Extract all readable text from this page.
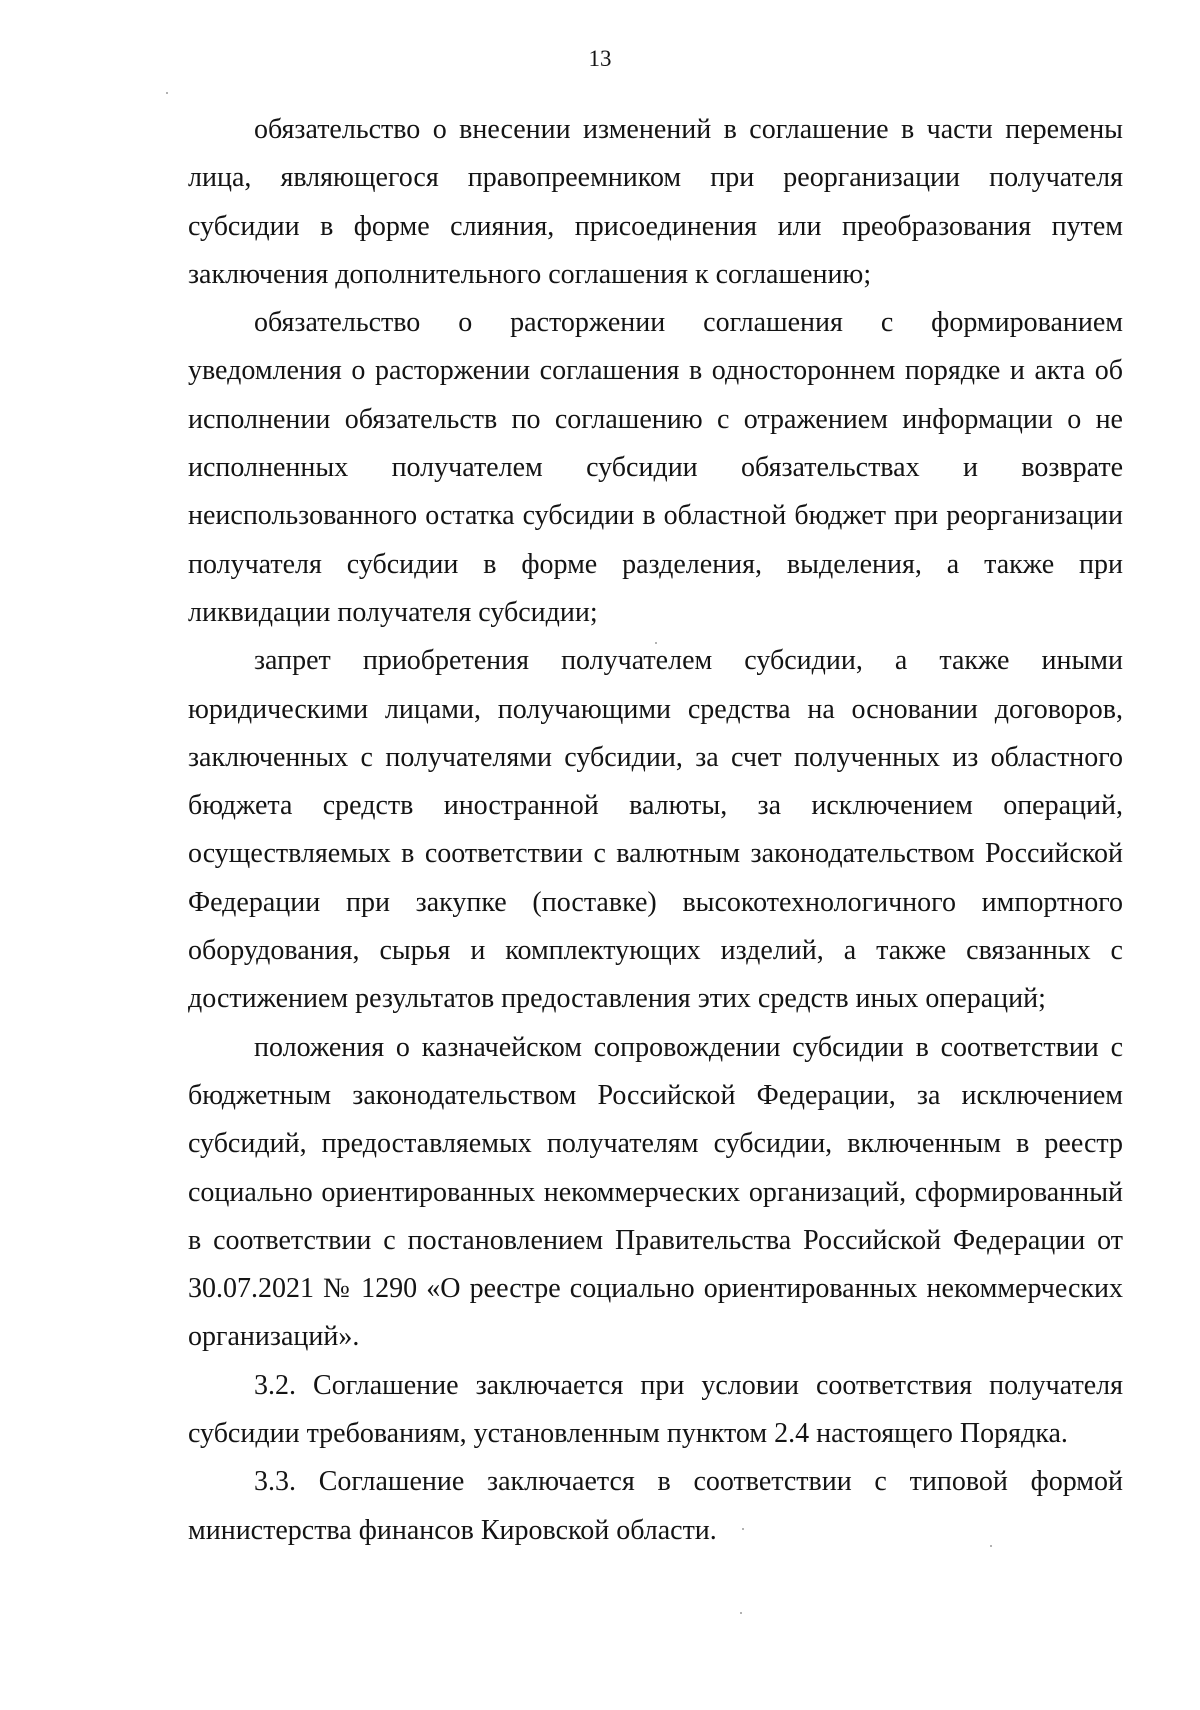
13

обязательство о внесении изменений в соглашение в части перемены лица, являющегося правопреемником при реорганизации получателя субсидии в форме слияния, присоединения или преобразования путем заключения дополнительного соглашения к соглашению;

обязательство о расторжении соглашения с формированием уведомления о расторжении соглашения в одностороннем порядке и акта об исполнении обязательств по соглашению с отражением информации о не исполненных получателем субсидии обязательствах и возврате неиспользованного остатка субсидии в областной бюджет при реорганизации получателя субсидии в форме разделения, выделения, а также при ликвидации получателя субсидии;

запрет приобретения получателем субсидии, а также иными юридическими лицами, получающими средства на основании договоров, заключенных с получателями субсидии, за счет полученных из областного бюджета средств иностранной валюты, за исключением операций, осуществляемых в соответствии с валютным законодательством Российской Федерации при закупке (поставке) высокотехнологичного импортного оборудования, сырья и комплектующих изделий, а также связанных с достижением результатов предоставления этих средств иных операций;

положения о казначейском сопровождении субсидии в соответствии с бюджетным законодательством Российской Федерации, за исключением субсидий, предоставляемых получателям субсидии, включенным в реестр социально ориентированных некоммерческих организаций, сформированный в соответствии с постановлением Правительства Российской Федерации от 30.07.2021 № 1290 «О реестре социально ориентированных некоммерческих организаций».

3.2. Соглашение заключается при условии соответствия получателя субсидии требованиям, установленным пунктом 2.4 настоящего Порядка.

3.3. Соглашение заключается в соответствии с типовой формой министерства финансов Кировской области.
